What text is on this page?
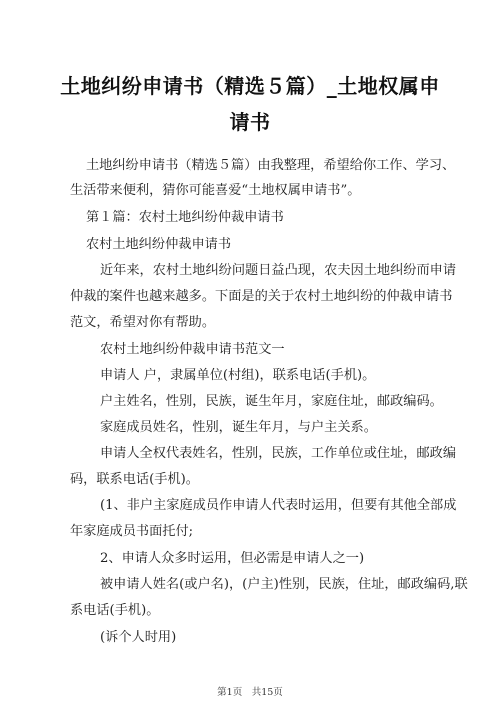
土地纠纷申请书（精选５篇）_土地权属申
请书
土地纠纷申请书（精选５篇）由我整理，希望给你工作、学习、
生活带来便利，猜你可能喜爱“土地权属申请书”。
第１篇：农村土地纠纷仲裁申请书
农村土地纠纷仲裁申请书
近年来，农村土地纠纷问题日益凸现，农夫因土地纠纷而申请
仲裁的案件也越来越多。下面是的关于农村土地纠纷的仲裁申请书
范文，希望对你有帮助。
农村土地纠纷仲裁申请书范文一
申请人 户，隶属单位(村组)，联系电话(手机)。
户主姓名，性别，民族，诞生年月，家庭住址，邮政编码。
家庭成员姓名，性别，诞生年月，与户主关系。
申请人全权代表姓名，性别，民族，工作单位或住址，邮政编
码，联系电话(手机)。
(1、非户主家庭成员作申请人代表时运用，但要有其他全部成
年家庭成员书面托付;
2、申请人众多时运用，但必需是申请人之一)
被申请人姓名(或户名)，(户主)性别，民族，住址，邮政编码,联
系电话(手机)。
(诉个人时用)
第1页　共15页
